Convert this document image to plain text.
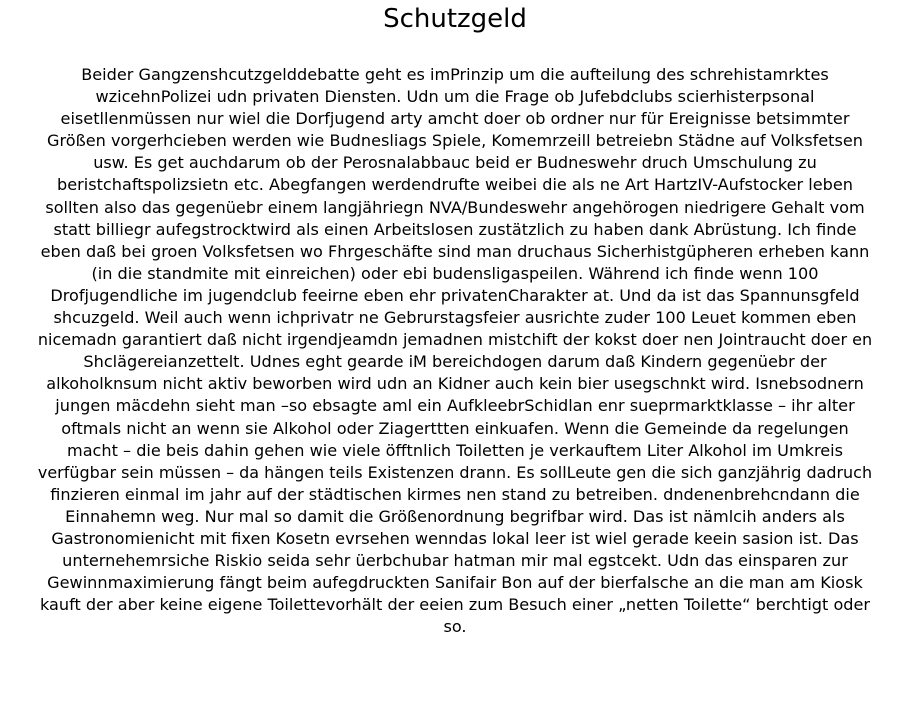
Schutzgeld

Beider Gangzenshcutzgelddebatte geht es imPrinzip um die aufteilung des schrehistamrktes
wzicehnPolizei udn privaten Diensten. Udn um die Frage ob Jufebdclubs scierhisterpsonal
eisetllenmüssen nur wiel die Dorfjugend arty amcht doer ob ordner nur für Ereignisse betsimmter
Größen vorgerhcieben werden wie Budnesliags Spiele, Komemrzeill betreiebn Städne auf Volksfetsen
usw. Es get auchdarum ob der Perosnalabbauc beid er Budneswehr druch Umschulung zu
beristchaftspolizsietn etc. Abegfangen werdendrufte weibei die als ne Art HartzIV-Aufstocker leben
sollten also das gegenüebr einem langjähriegn NVA/Bundeswehr angehörogen niedrigere Gehalt vom
statt billiegr aufegstrocktwird als einen Arbeitslosen zustätzlich zu haben dank Abrüstung. Ich finde
eben daß bei groen Volksfetsen wo Fhrgeschäfte sind man druchaus Sicherhistgüpheren erheben kann
(in die standmite mit einreichen) oder ebi budensligaspeilen. Während ich finde wenn 100
Drofjugendliche im jugendclub feeirne eben ehr privatenCharakter at. Und da ist das Spannunsgfeld
shcuzgeld. Weil auch wenn ichprivatr ne Gebrurstagsfeier ausrichte zuder 100 Leuet kommen eben
nicemadn garantiert daß nicht irgendjeamdn jemadnen mistchift der kokst doer nen Jointraucht doer en
Shclägereianzettelt. Udnes eght gearde iM bereichdogen darum daß Kindern gegenüebr der
alkoholknsum nicht aktiv beworben wird udn an Kidner auch kein bier usegschnkt wird. Isnebsodnern
jungen mäcdehn sieht man –so ebsagte aml ein AufkleebrSchidlan enr sueprmarktklasse – ihr alter
oftmals nicht an wenn sie Alkohol oder Ziagerttten einkuafen. Wenn die Gemeinde da regelungen
macht – die beis dahin gehen wie viele öfftnlich Toiletten je verkauftem Liter Alkohol im Umkreis
verfügbar sein müssen – da hängen teils Existenzen drann. Es sollLeute gen die sich ganzjährig dadruch
finzieren einmal im jahr auf der städtischen kirmes nen stand zu betreiben. dndenenbrehcndann die
Einnahemn weg. Nur mal so damit die Größenordnung begrifbar wird. Das ist nämlcih anders als
Gastronomienicht mit fixen Kosetn evrsehen wenndas lokal leer ist wiel gerade keein sasion ist. Das
unternehemrsiche Riskio seida sehr üerbchubar hatman mir mal egstcekt. Udn das einsparen zur
Gewinnmaximierung fängt beim aufegdruckten Sanifair Bon auf der bierfalsche an die man am Kiosk
kauft der aber keine eigene Toilettevorhält der eeien zum Besuch einer „netten Toilette“ berchtigt oder
so.
